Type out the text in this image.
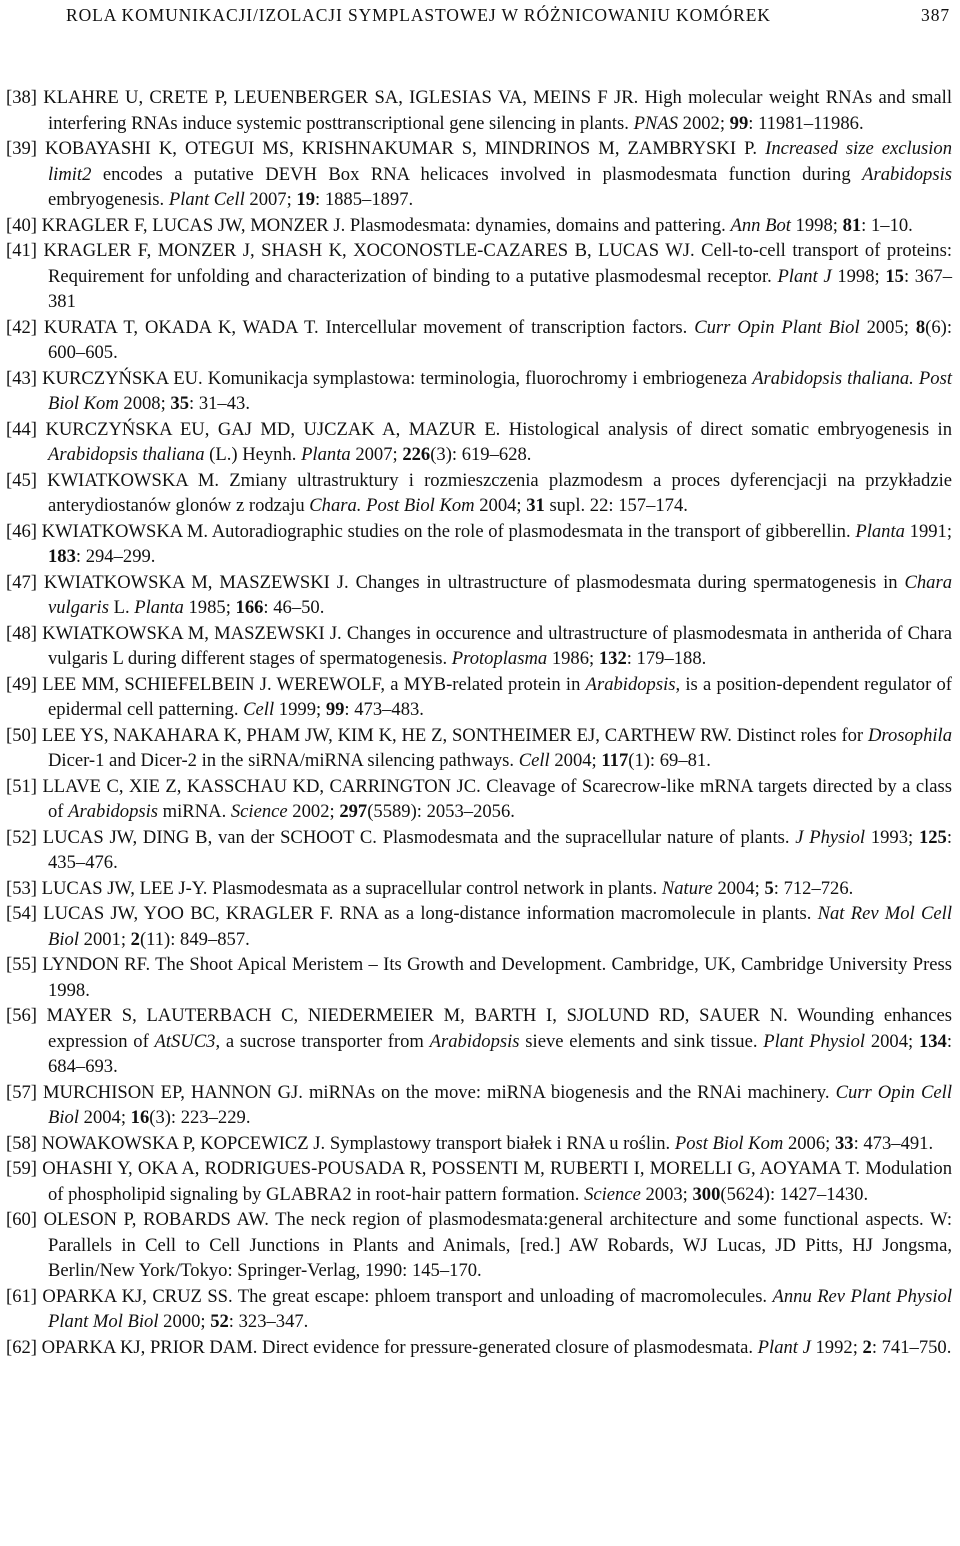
ROLA KOMUNIKACJI/IZOLACJI SYMPLASTOWEJ W RÓŻNICOWANIU KOMÓREK	387
[38] KLAHRE U, CRETE P, LEUENBERGER SA, IGLESIAS VA, MEINS F JR. High molecular weight RNAs and small interfering RNAs induce systemic posttranscriptional gene silencing in plants. PNAS 2002; 99: 11981–11986.
[39] KOBAYASHI K, OTEGUI MS, KRISHNAKUMAR S, MINDRINOS M, ZAMBRYSKI P. Increased size exclusion limit2 encodes a putative DEVH Box RNA helicaces involved in plasmodesmata function during Arabidopsis embryogenesis. Plant Cell 2007; 19: 1885–1897.
[40] KRAGLER F, LUCAS JW, MONZER J. Plasmodesmata: dynamies, domains and pattering. Ann Bot 1998; 81: 1–10.
[41] KRAGLER F, MONZER J, SHASH K, XOCONOSTLE-CAZARES B, LUCAS WJ. Cell-to-cell transport of proteins: Requirement for unfolding and characterization of binding to a putative plasmodesmal receptor. Plant J 1998; 15: 367–381
[42] KURATA T, OKADA K, WADA T. Intercellular movement of transcription factors. Curr Opin Plant Biol 2005; 8(6): 600–605.
[43] KURCZYŃSKA EU. Komunikacja symplastowa: terminologia, fluorochromy i embriogeneza Arabidopsis thaliana. Post Biol Kom 2008; 35: 31–43.
[44] KURCZYŃSKA EU, GAJ MD, UJCZAK A, MAZUR E. Histological analysis of direct somatic embryogenesis in Arabidopsis thaliana (L.) Heynh. Planta 2007; 226(3): 619–628.
[45] KWIATKOWSKA M. Zmiany ultrastruktury i rozmieszczenia plazmodesm a proces dyferencjacji na przykładzie anterydiostanów glonów z rodzaju Chara. Post Biol Kom 2004; 31 supl. 22: 157–174.
[46] KWIATKOWSKA M. Autoradiographic studies on the role of plasmodesmata in the transport of gibberellin. Planta 1991; 183: 294–299.
[47] KWIATKOWSKA M, MASZEWSKI J. Changes in ultrastructure of plasmodesmata during spermatogenesis in Chara vulgaris L. Planta 1985; 166: 46–50.
[48] KWIATKOWSKA M, MASZEWSKI J. Changes in occurence and ultrastructure of plasmodesmata in antherida of Chara vulgaris L during different stages of spermatogenesis. Protoplasma 1986; 132: 179–188.
[49] LEE MM, SCHIEFELBEIN J. WEREWOLF, a MYB-related protein in Arabidopsis, is a position-dependent regulator of epidermal cell patterning. Cell 1999; 99: 473–483.
[50] LEE YS, NAKAHARA K, PHAM JW, KIM K, HE Z, SONTHEIMER EJ, CARTHEW RW. Distinct roles for Drosophila Dicer-1 and Dicer-2 in the siRNA/miRNA silencing pathways. Cell 2004; 117(1): 69–81.
[51] LLAVE C, XIE Z, KASSCHAU KD, CARRINGTON JC. Cleavage of Scarecrow-like mRNA targets directed by a class of Arabidopsis miRNA. Science 2002; 297(5589): 2053–2056.
[52] LUCAS JW, DING B, van der SCHOOT C. Plasmodesmata and the supracellular nature of plants. J Physiol 1993; 125: 435–476.
[53] LUCAS JW, LEE J-Y. Plasmodesmata as a supracellular control network in plants. Nature 2004; 5: 712–726.
[54] LUCAS JW, YOO BC, KRAGLER F. RNA as a long-distance information macromolecule in plants. Nat Rev Mol Cell Biol 2001; 2(11): 849–857.
[55] LYNDON RF. The Shoot Apical Meristem – Its Growth and Development. Cambridge, UK, Cambridge University Press 1998.
[56] MAYER S, LAUTERBACH C, NIEDERMEIER M, BARTH I, SJOLUND RD, SAUER N. Wounding enhances expression of AtSUC3, a sucrose transporter from Arabidopsis sieve elements and sink tissue. Plant Physiol 2004; 134: 684–693.
[57] MURCHISON EP, HANNON GJ. miRNAs on the move: miRNA biogenesis and the RNAi machinery. Curr Opin Cell Biol 2004; 16(3): 223–229.
[58] NOWAKOWSKA P, KOPCEWICZ J. Symplastowy transport białek i RNA u roślin. Post Biol Kom 2006; 33: 473–491.
[59] OHASHI Y, OKA A, RODRIGUES-POUSADA R, POSSENTI M, RUBERTI I, MORELLI G, AOYAMA T. Modulation of phospholipid signaling by GLABRA2 in root-hair pattern formation. Science 2003; 300(5624): 1427–1430.
[60] OLESON P, ROBARDS AW. The neck region of plasmodesmata:general architecture and some functional aspects. W: Parallels in Cell to Cell Junctions in Plants and Animals, [red.] AW Robards, WJ Lucas, JD Pitts, HJ Jongsma, Berlin/New York/Tokyo: Springer-Verlag, 1990: 145–170.
[61] OPARKA KJ, CRUZ SS. The great escape: phloem transport and unloading of macromolecules. Annu Rev Plant Physiol Plant Mol Biol 2000; 52: 323–347.
[62] OPARKA KJ, PRIOR DAM. Direct evidence for pressure-generated closure of plasmodesmata. Plant J 1992; 2: 741–750.
